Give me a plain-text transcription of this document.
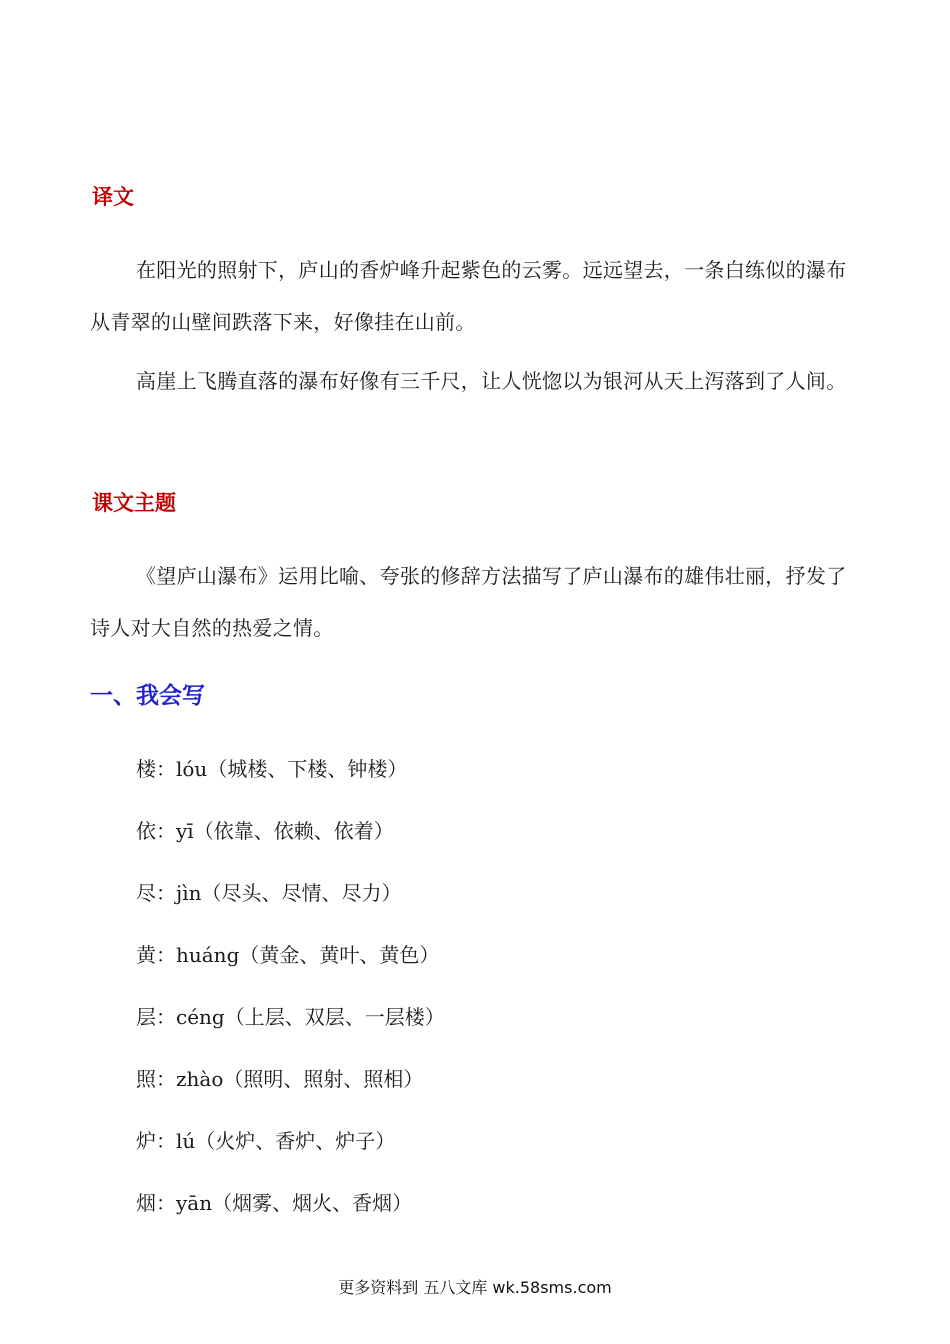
译文

在阳光的照射下，庐山的香炉峰升起紫色的云雾。远远望去，一条白练似的瀑布从青翠的山壁间跌落下来，好像挂在山前。

高崖上飞腾直落的瀑布好像有三千尺，让人恍惚以为银河从天上泻落到了人间。

课文主题

《望庐山瀑布》运用比喻、夸张的修辞方法描写了庐山瀑布的雄伟壮丽，抒发了诗人对大自然的热爱之情。

一、我会写

楼：lóu（城楼、下楼、钟楼）

依：yī（依靠、依赖、依着）

尽：jìn（尽头、尽情、尽力）

黄：huáng（黄金、黄叶、黄色）

层：céng（上层、双层、一层楼）

照：zhào（照明、照射、照相）

炉：lú（火炉、香炉、炉子）

烟：yān（烟雾、烟火、香烟）

更多资料到 五八文库 wk.58sms.com
